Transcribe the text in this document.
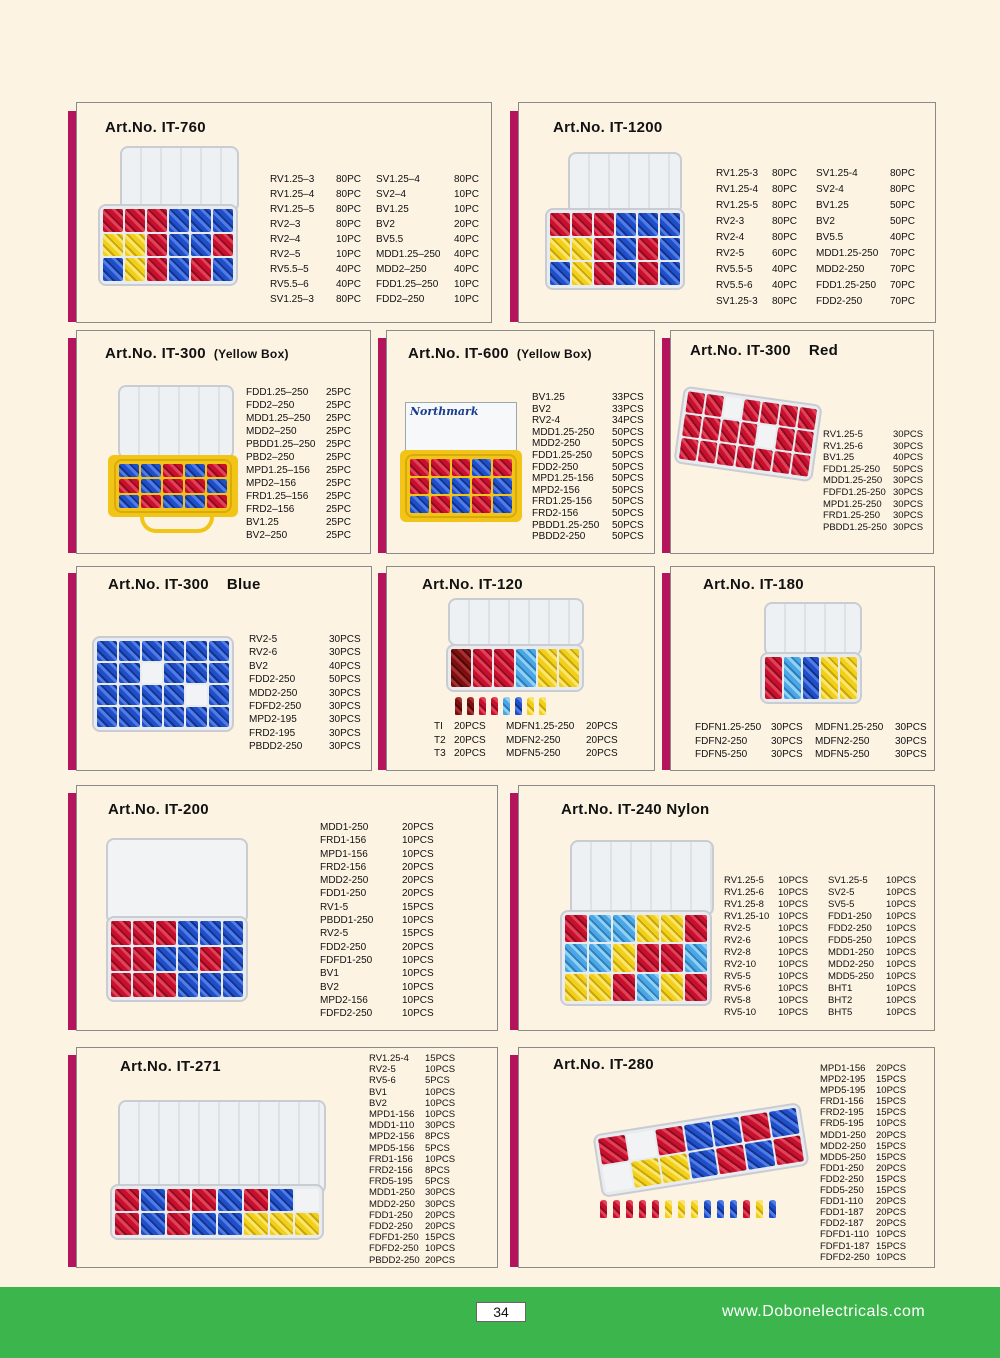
Art.No. IT-760
RV1.25–3	80PC	SV1.25–4	80PC
RV1.25–4	80PC	SV2–4	10PC
RV1.25–5	80PC	BV1.25	10PC
RV2–3	80PC	BV2	20PC
RV2–4	10PC	BV5.5	40PC
RV2–5	10PC	MDD1.25–250	40PC
RV5.5–5	40PC	MDD2–250	40PC
RV5.5–6	40PC	FDD1.25–250	10PC
SV1.25–3	80PC	FDD2–250	10PC
Art.No. IT-1200
RV1.25-3	80PC	SV1.25-4	80PC
RV1.25-4	80PC	SV2-4	80PC
RV1.25-5	80PC	BV1.25	50PC
RV2-3	80PC	BV2	50PC
RV2-4	80PC	BV5.5	40PC
RV2-5	60PC	MDD1.25-250	70PC
RV5.5-5	40PC	MDD2-250	70PC
RV5.5-6	40PC	FDD1.25-250	70PC
SV1.25-3	80PC	FDD2-250	70PC
Art.No. IT-300 (Yellow Box)
FDD1.25–250	25PC
FDD2–250	25PC
MDD1.25–250	25PC
MDD2–250	25PC
PBDD1.25–250	25PC
PBD2–250	25PC
MPD1.25–156	25PC
MPD2–156	25PC
FRD1.25–156	25PC
FRD2–156	25PC
BV1.25	25PC
BV2–250	25PC
Art.No. IT-600 (Yellow Box)
Northmark
BV1.25	33PCS
BV2	33PCS
RV2-4	34PCS
MDD1.25-250	50PCS
MDD2-250	50PCS
FDD1.25-250	50PCS
FDD2-250	50PCS
MPD1.25-156	50PCS
MPD2-156	50PCS
FRD1.25-156	50PCS
FRD2-156	50PCS
PBDD1.25-250	50PCS
PBDD2-250	50PCS
Art.No. IT-300 Red
RV1.25-5	30PCS
RV1.25-6	30PCS
BV1.25	40PCS
FDD1.25-250	50PCS
MDD1.25-250	30PCS
FDFD1.25-250 30PCS
MPD1.25-250	30PCS
FRD1.25-250	30PCS
PBDD1.25-250 30PCS
Art.No. IT-300 Blue
RV2-5	30PCS
RV2-6	30PCS
BV2	40PCS
FDD2-250	50PCS
MDD2-250	30PCS
FDFD2-250	30PCS
MPD2-195	30PCS
FRD2-195	30PCS
PBDD2-250	30PCS
Art.No. IT-120
TI	20PCS	MDFN1.25-250	20PCS
T2 20PCS	MDFN2-250	20PCS
T3 20PCS	MDFN5-250	20PCS
Art.No. IT-180
FDFN1.25-250 30PCS	MDFN1.25-250	30PCS
FDFN2-250	30PCS	MDFN2-250	30PCS
FDFN5-250	30PCS	MDFN5-250	30PCS
Art.No. IT-200
MDD1-250	20PCS
FRD1-156	10PCS
MPD1-156	10PCS
FRD2-156	20PCS
MDD2-250	20PCS
FDD1-250	20PCS
RV1-5	15PCS
PBDD1-250	10PCS
RV2-5	15PCS
FDD2-250	20PCS
FDFD1-250	10PCS
BV1	10PCS
BV2	10PCS
MPD2-156	10PCS
FDFD2-250	10PCS
Art.No. IT-240 Nylon
RV1.25-5	10PCS	SV1.25-5	10PCS
RV1.25-6	10PCS	SV2-5	10PCS
RV1.25-8	10PCS	SV5-5	10PCS
RV1.25-10 10PCS	FDD1-250	10PCS
RV2-5	10PCS	FDD2-250	10PCS
RV2-6	10PCS	FDD5-250	10PCS
RV2-8	10PCS	MDD1-250	10PCS
RV2-10	10PCS	MDD2-250	10PCS
RV5-5	10PCS	MDD5-250	10PCS
RV5-6	10PCS	BHT1	10PCS
RV5-8	10PCS	BHT2	10PCS
RV5-10	10PCS	BHT5	10PCS
Art.No. IT-271	RV1.25-4	15PCS
RV2-5	10PCS
RV5-6	5PCS
BV1	10PCS
BV2	10PCS
MPD1-156	10PCS
MDD1-110	30PCS
MPD2-156	8PCS
MPD5-156	5PCS
FRD1-156	10PCS
FRD2-156	8PCS
FRD5-195	5PCS
MDD1-250	30PCS
MDD2-250	30PCS
FDD1-250	20PCS
FDD2-250	20PCS
FDFD1-250 15PCS
FDFD2-250 10PCS
PBDD2-250 20PCS
Art.No. IT-280	MPD1-156	20PCS
MPD2-195	15PCS
MPD5-195	10PCS
FRD1-156	15PCS
FRD2-195	15PCS
FRD5-195	10PCS
MDD1-250	20PCS
MDD2-250	15PCS
MDD5-250	15PCS
FDD1-250	20PCS
FDD2-250	15PCS
FDD5-250	15PCS
FDD1-110	20PCS
FDD1-187	20PCS
FDD2-187	20PCS
FDFD1-110 10PCS
FDFD1-187 15PCS
FDFD2-250 10PCS
34	www.Dobonelectricals.com
